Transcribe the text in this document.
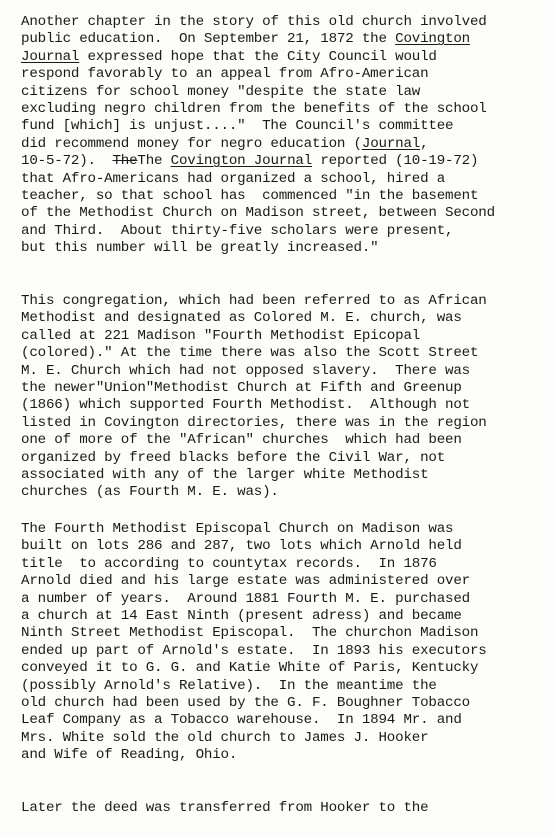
Another chapter in the story of this old church involved
public education.  On September 21, 1872 the Covington
Journal expressed hope that the City Council would
respond favorably to an appeal from Afro-American
citizens for school money "despite the state law
excluding negro children from the benefits of the school
fund [which] is unjust...."  The Council's committee
did recommend money for negro education (Journal,
10-5-72).  TheThe Covington Journal reported (10-19-72)
that Afro-Americans had organized a school, hired a
teacher, so that school has  commenced "in the basement
of the Methodist Church on Madison street, between Second
and Third.  About thirty-five scholars were present,
but this number will be greatly increased."
This congregation, which had been referred to as African
Methodist and designated as Colored M. E. church, was
called at 221 Madison "Fourth Methodist Epicopal
(colored)." At the time there was also the Scott Street
M. E. Church which had not opposed slavery.  There was
the newer"Union"Methodist Church at Fifth and Greenup
(1866) which supported Fourth Methodist.  Although not
listed in Covington directories, there was in the region
one of more of the "African" churches  which had been
organized by freed blacks before the Civil War, not
associated with any of the larger white Methodist
churches (as Fourth M. E. was).
The Fourth Methodist Episcopal Church on Madison was
built on lots 286 and 287, two lots which Arnold held
title  to according to countytax records.  In 1876
Arnold died and his large estate was administered over
a number of years.  Around 1881 Fourth M. E. purchased
a church at 14 East Ninth (present adress) and became
Ninth Street Methodist Episcopal.  The churchon Madison
ended up part of Arnold's estate.  In 1893 his executors
conveyed it to G. G. and Katie White of Paris, Kentucky
(possibly Arnold's Relative).  In the meantime the
old church had been used by the G. F. Boughner Tobacco
Leaf Company as a Tobacco warehouse.  In 1894 Mr. and
Mrs. White sold the old church to James J. Hooker
and Wife of Reading, Ohio.
Later the deed was transferred from Hooker to the
